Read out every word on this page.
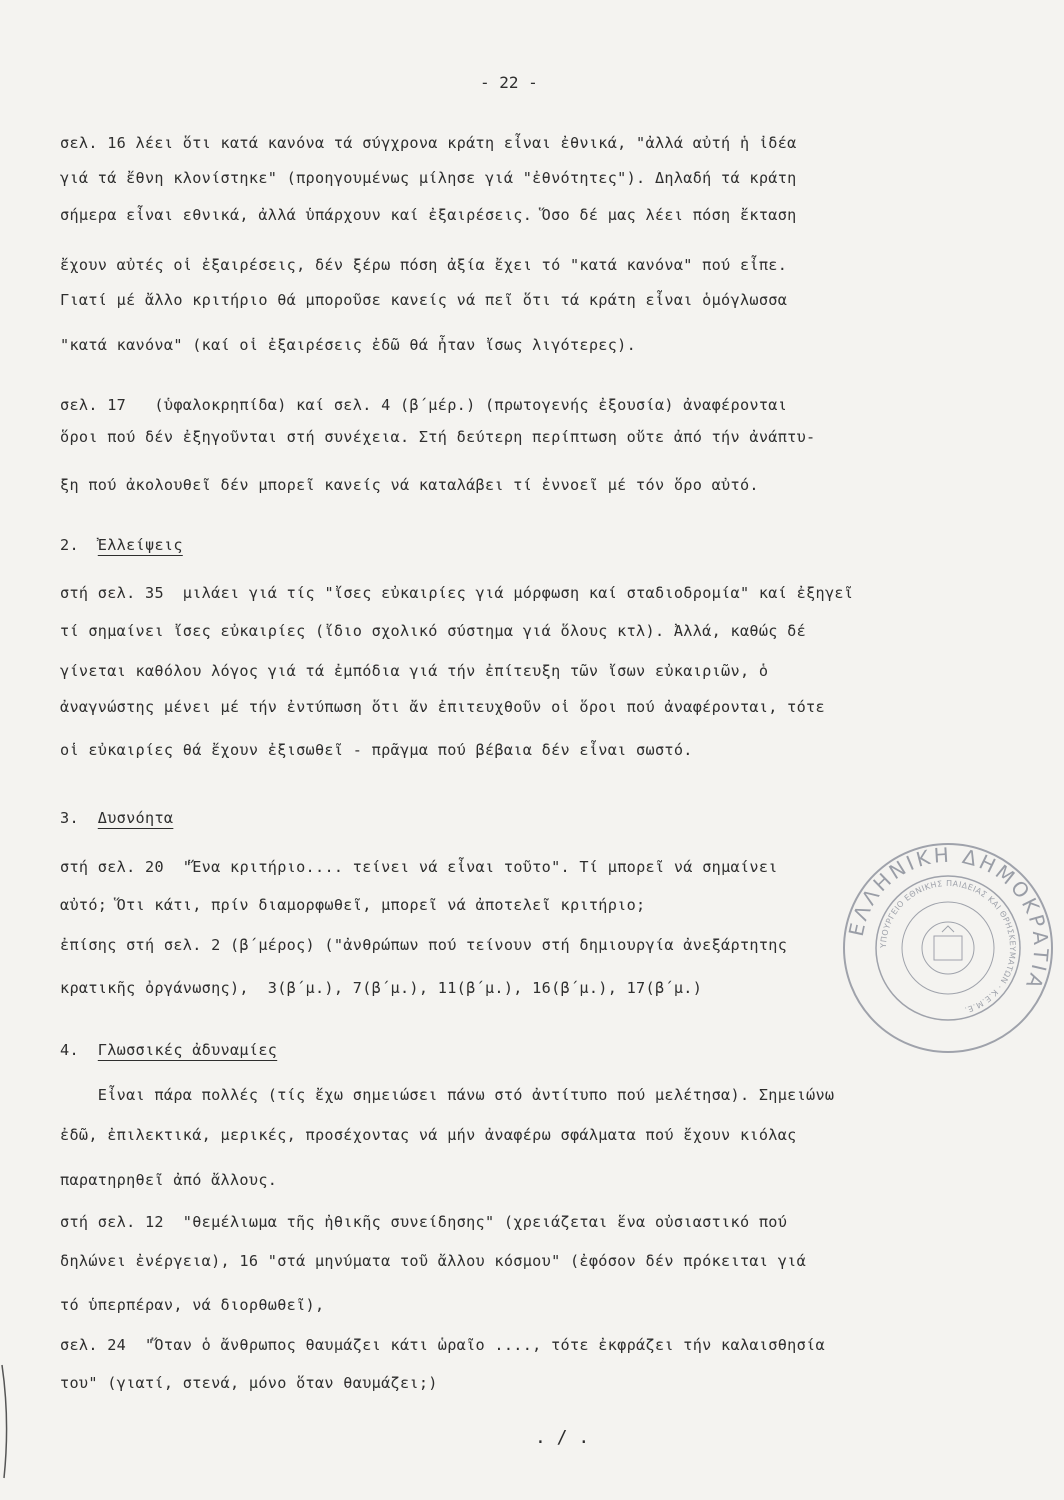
- 22 -
σελ. 16 λέει ὅτι κατά κανόνα τά σύγχρονα κράτη εἶναι ἐθνικά, "ἀλλά αὐτή ἡ ἰδέα
γιά τά ἔθνη κλονίστηκε" (προηγουμένως μίλησε γιά "ἐθνότητες"). Δηλαδή τά κράτη
σήμερα εἶναι εθνικά, ἀλλά ὑπάρχουν καί ἐξαιρέσεις. Ὅσο δέ μας λέει πόση ἔκταση
ἔχουν αὐτές οἱ ἐξαιρέσεις, δέν ξέρω πόση ἀξία ἔχει τό "κατά κανόνα" πού εἶπε.
Γιατί μέ ἄλλο κριτήριο θά μποροῦσε κανείς νά πεῖ ὅτι τά κράτη εἶναι ὁμόγλωσσα
"κατά κανόνα" (καί οἱ ἐξαιρέσεις ἐδῶ θά ἦταν ἴσως λιγότερες).
σελ. 17   (ὑφαλοκρηπίδα) καί σελ. 4 (β΄μέρ.) (πρωτογενής ἐξουσία) ἀναφέρονται
ὅροι πού δέν ἐξηγοῦνται στή συνέχεια. Στή δεύτερη περίπτωση οὔτε ἀπό τήν ἀνάπτυ-
ξη πού ἀκολουθεῖ δέν μπορεῖ κανείς νά καταλάβει τί ἐννοεῖ μέ τόν ὅρο αὐτό.
2. Ἐλλείψεις
στή σελ. 35  μιλάει γιά τίς "ἴσες εὐκαιρίες γιά μόρφωση καί σταδιοδρομία" καί ἐξηγεῖ
τί σημαίνει ἴσες εὐκαιρίες (ἴδιο σχολικό σύστημα γιά ὅλους κτλ). Ἀλλά, καθώς δέ
γίνεται καθόλου λόγος γιά τά ἐμπόδια γιά τήν ἐπίτευξη τῶν ἴσων εὐκαιριῶν, ὁ
ἀναγνώστης μένει μέ τήν ἐντύπωση ὅτι ἄν ἐπιτευχθοῦν οἱ ὅροι πού ἀναφέρονται, τότε
οἱ εὐκαιρίες θά ἔχουν ἐξισωθεῖ - πρᾶγμα πού βέβαια δέν εἶναι σωστό.
3. Δυσνόητα
στή σελ. 20  "Ἕνα κριτήριο.... τείνει νά εἶναι τοῦτο". Τί μπορεῖ νά σημαίνει
αὐτό; Ὅτι κάτι, πρίν διαμορφωθεῖ, μπορεῖ νά ἀποτελεῖ κριτήριο;
ἐπίσης στή σελ. 2 (β΄μέρος) ("ἀνθρώπων πού τείνουν στή δημιουργία ἀνεξάρτητης
κρατικῆς ὀργάνωσης),  3(β΄μ.), 7(β΄μ.), 11(β΄μ.), 16(β΄μ.), 17(β΄μ.)
4. Γλωσσικές ἀδυναμίες
Εἶναι πάρα πολλές (τίς ἔχω σημειώσει πάνω στό ἀντίτυπο πού μελέτησα). Σημειώνω
ἐδῶ, ἐπιλεκτικά, μερικές, προσέχοντας νά μήν ἀναφέρω σφάλματα πού ἔχουν κιόλας
παρατηρηθεῖ ἀπό ἄλλους.
στή σελ. 12  "θεμέλιωμα τῆς ἠθικῆς συνείδησης" (χρειάζεται ἕνα οὐσιαστικό πού
δηλώνει ἐνέργεια), 16 "στά μηνύματα τοῦ ἄλλου κόσμου" (ἐφόσον δέν πρόκειται γιά
τό ὑπερπέραν, νά διορθωθεῖ),
σελ. 24  "Ὅταν ὁ ἄνθρωπος θαυμάζει κάτι ὡραῖο ...., τότε ἐκφράζει τήν καλαισθησία
του" (γιατί, στενά, μόνο ὅταν θαυμάζει;)
. / .
ΕΛΛΗΝΙΚΗ ΔΗΜΟΚΡΑΤΙΑ
ΥΠΟΥΡΓΕΙΟ ΕΘΝΙΚΗΣ ΠΑΙΔΕΙΑΣ ΚΑΙ ΘΡΗΣΚΕΥΜΑΤΩΝ · Κ.Ε.Μ.Ε.
